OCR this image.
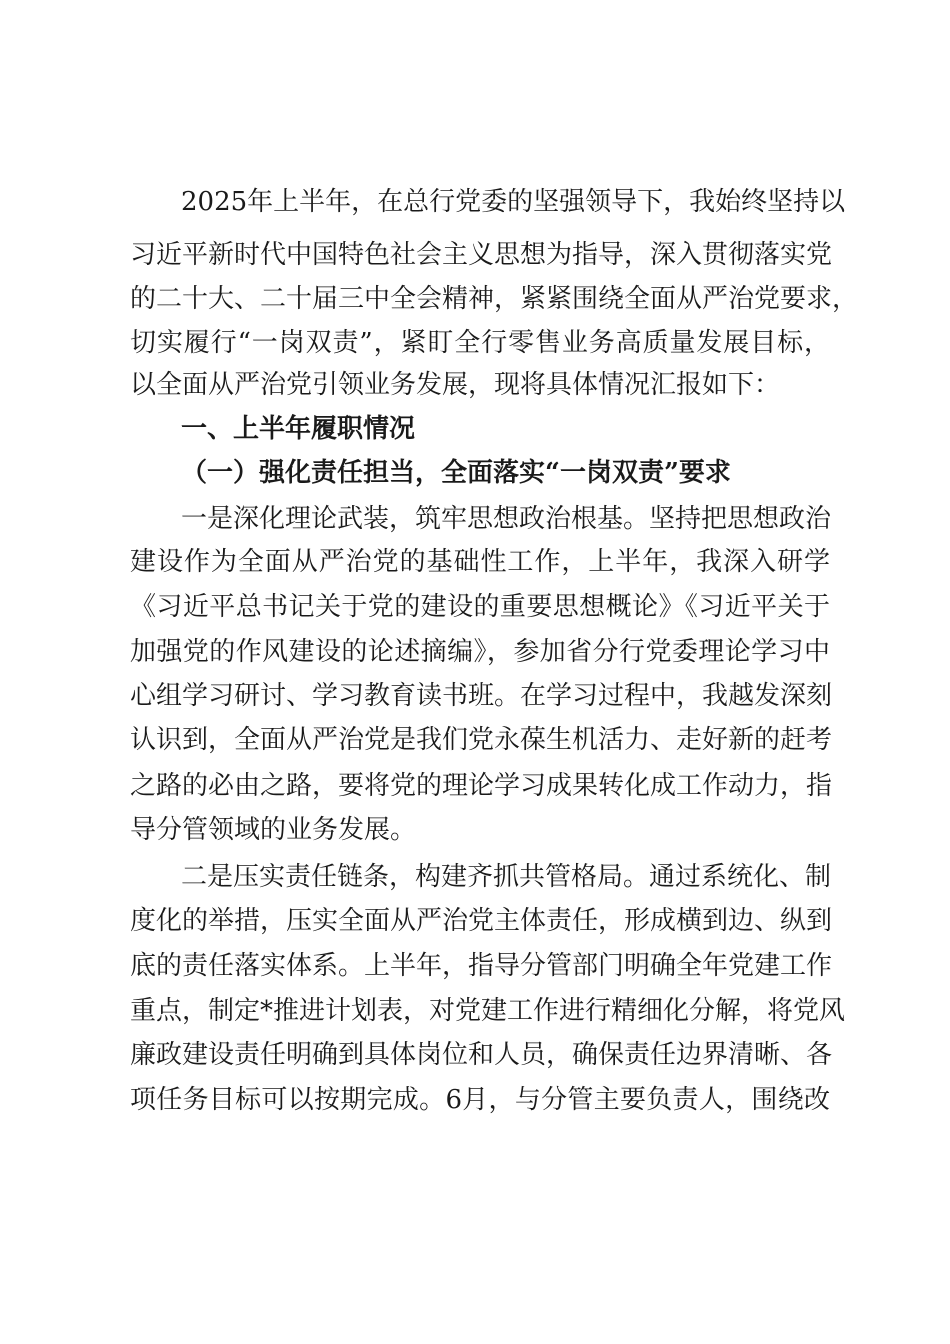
2025年上半年，在总行党委的坚强领导下，我始终坚持以
习近平新时代中国特色社会主义思想为指导，深入贯彻落实党
的二十大、二十届三中全会精神，紧紧围绕全面从严治党要求，
切实履行“一岗双责”，紧盯全行零售业务高质量发展目标，
以全面从严治党引领业务发展，现将具体情况汇报如下：
一、上半年履职情况
（一）强化责任担当，全面落实“一岗双责”要求
一是深化理论武装，筑牢思想政治根基。坚持把思想政治
建设作为全面从严治党的基础性工作，上半年，我深入研学
《习近平总书记关于党的建设的重要思想概论》《习近平关于
加强党的作风建设的论述摘编》，参加省分行党委理论学习中
心组学习研讨、学习教育读书班。在学习过程中，我越发深刻
认识到，全面从严治党是我们党永葆生机活力、走好新的赶考
之路的必由之路，要将党的理论学习成果转化成工作动力，指
导分管领域的业务发展。
二是压实责任链条，构建齐抓共管格局。通过系统化、制
度化的举措，压实全面从严治党主体责任，形成横到边、纵到
底的责任落实体系。上半年，指导分管部门明确全年党建工作
重点，制定*推进计划表，对党建工作进行精细化分解，将党风
廉政建设责任明确到具体岗位和人员，确保责任边界清晰、各
项任务目标可以按期完成。6月，与分管主要负责人，围绕改
